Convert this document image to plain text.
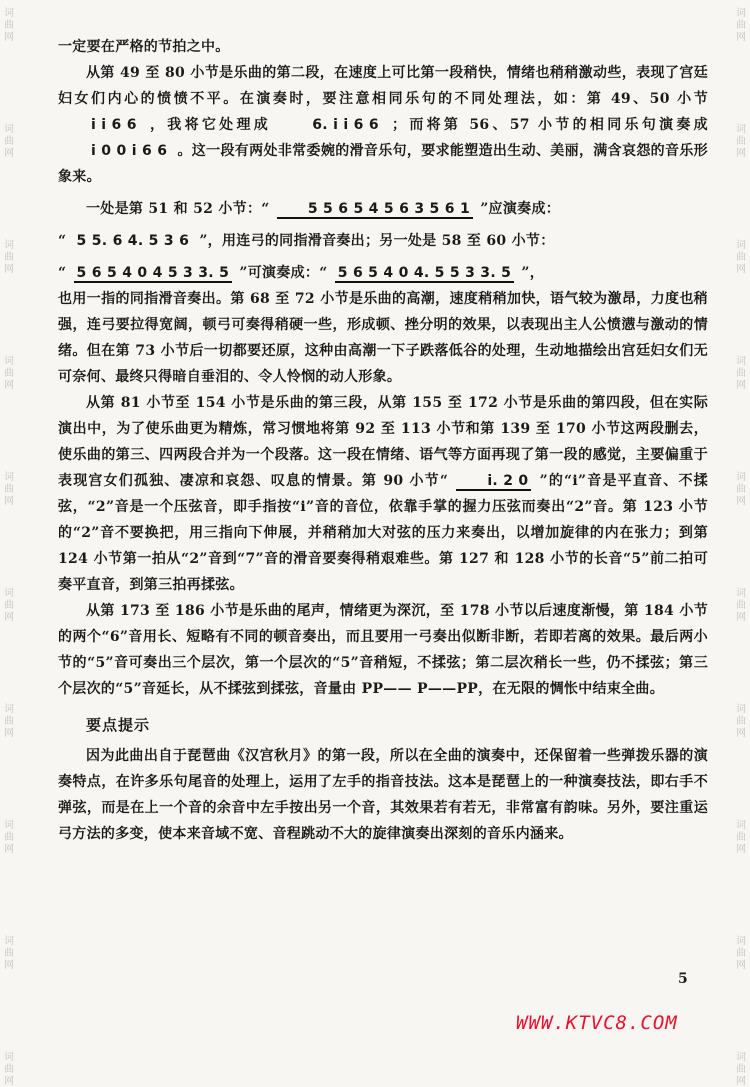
词
曲
网
词
曲
网
词
曲
网
词
曲
网
词
曲
网
词
曲
网
词
曲
网
词
曲
网
词
曲
网
词
曲
网
词
曲
网
词
曲
网
词
曲
网
词
曲
网
词
曲
网
词
曲
网
词
曲
网
词
曲
网
词
曲
网
词
曲
网

一定要在严格的节拍之中。

从第 49 至 80 小节是乐曲的第二段，在速度上可比第一段稍快，情绪也稍稍激动些，表现了宫廷妇女们内心的愤愤不平。在演奏时，要注意相同乐句的不同处理法，如：第 49、50 小节 i i 6 6 ，我将它处理成	6. i i 6 6 ；而将第 56、57 小节的相同乐句演奏成 i 0 0 i 6 6 。这一段有两处非常委婉的滑音乐句，要求能塑造出生动、美丽，满含哀怨的音乐形象来。

一处是第 51 和 52 小节：“	5 5 6 5 4 5 6 3 5 6 1 ”应演奏成：

“ 5 5. 6 4. 5 3 6 ”，用连弓的同指滑音奏出；另一处是 58 至 60 小节：

“ 5 6 5 4 0 4 5 3 3. 5 ”可演奏成：“ 5 6 5 4 0 4. 5 5 3 3. 5 ”，

也用一指的同指滑音奏出。第 68 至 72 小节是乐曲的高潮，速度稍稍加快，语气较为激昂，力度也稍强，连弓要拉得宽阔，顿弓可奏得稍硬一些，形成顿、挫分明的效果，以表现出主人公愤懑与激动的情绪。但在第 73 小节后一切都要还原，这种由高潮一下子跌落低谷的处理，生动地描绘出宫廷妇女们无可奈何、最终只得暗自垂泪的、令人怜悯的动人形象。

从第 81 小节至 154 小节是乐曲的第三段，从第 155 至 172 小节是乐曲的第四段，但在实际演出中，为了使乐曲更为精炼，常习惯地将第 92 至 113 小节和第 139 至 170 小节这两段删去，使乐曲的第三、四两段合并为一个段落。这一段在情绪、语气等方面再现了第一段的感觉，主要偏重于表现宫女们孤独、凄凉和哀怨、叹息的情景。第 90 小节“	i. 2 0 ”的“i”音是平直音、不揉弦，“2”音是一个压弦音，即手指按“i”音的音位，依靠手掌的握力压弦而奏出“2”音。第 123 小节的“2”音不要换把，用三指向下伸展，并稍稍加大对弦的压力来奏出，以增加旋律的内在张力；到第 124 小节第一拍从“2”音到“7”音的滑音要奏得稍艰难些。第 127 和 128 小节的长音“5”前二拍可奏平直音，到第三拍再揉弦。

从第 173 至 186 小节是乐曲的尾声，情绪更为深沉，至 178 小节以后速度渐慢，第 184 小节的两个“6”音用长、短略有不同的顿音奏出，而且要用一弓奏出似断非断，若即若离的效果。最后两小节的“5”音可奏出三个层次，第一个层次的“5”音稍短，不揉弦；第二层次稍长一些，仍不揉弦；第三个层次的“5”音延长，从不揉弦到揉弦，音量由 PP—— P——PP，在无限的惆怅中结束全曲。

要点提示

因为此曲出自于琵琶曲《汉宫秋月》的第一段，所以在全曲的演奏中，还保留着一些弹拨乐器的演奏特点，在许多乐句尾音的处理上，运用了左手的指音技法。这本是琵琶上的一种演奏技法，即右手不弹弦，而是在上一个音的余音中左手按出另一个音，其效果若有若无，非常富有韵味。另外，要注重运弓方法的多变，使本来音域不宽、音程跳动不大的旋律演奏出深刻的音乐内涵来。

5
WWW.KTVC8.COM
